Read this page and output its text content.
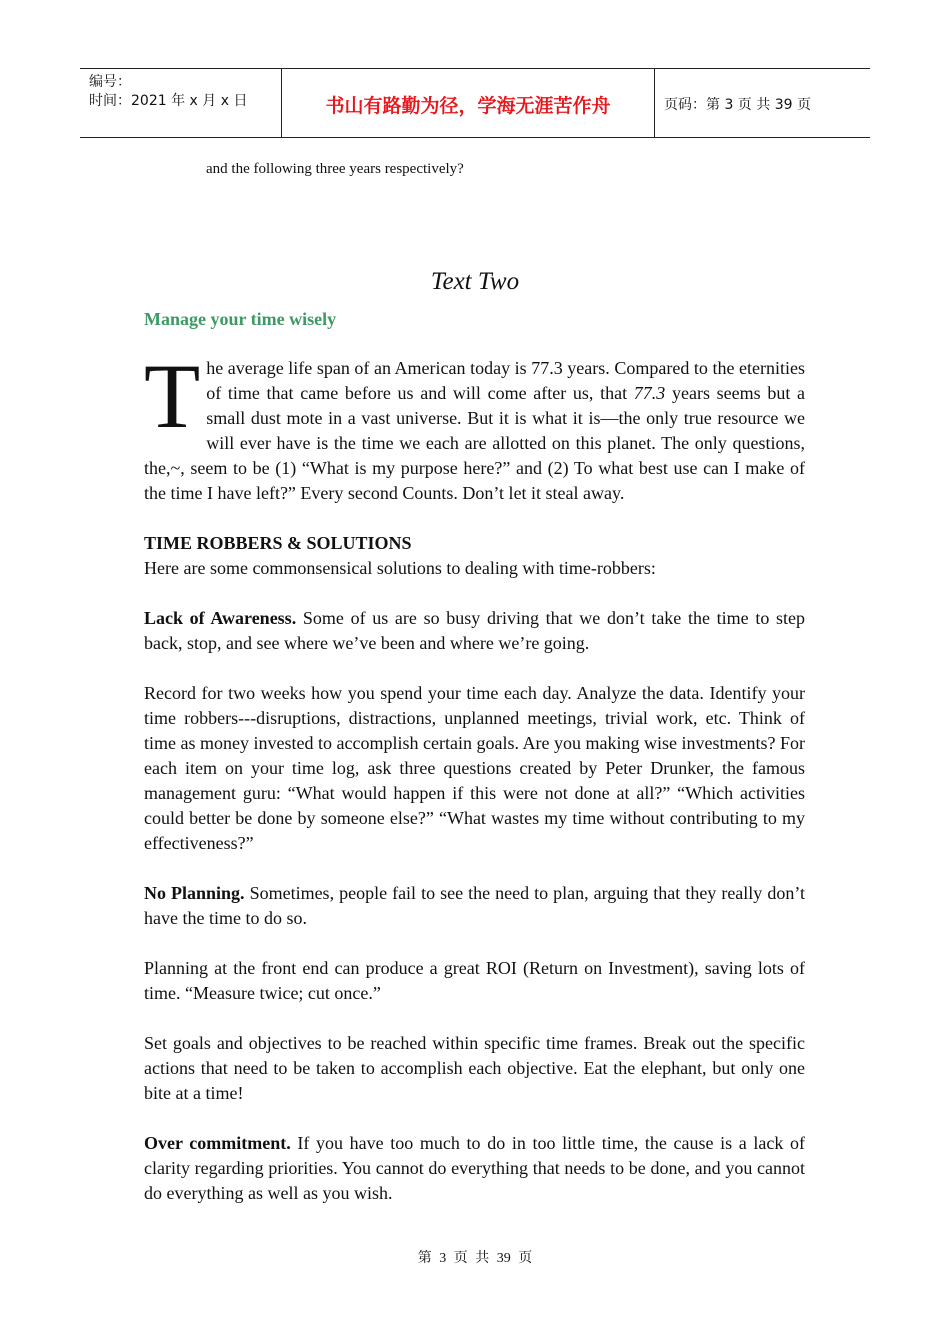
编号：
时间：2021 年 x 月 x 日	书山有路勤为径，学海无涯苦作舟	页码：第 3 页 共 39 页
and the following three years respectively?
Text Two
Manage your time wisely

The average life span of an American today is 77.3 years. Compared to the eternities of time that came before us and will come after us, that 77.3 years seems but a small dust mote in a vast universe. But it is what it is—the only true resource we will ever have is the time we each are allotted on this planet. The only questions, the,~, seem to be (1) “What is my purpose here?” and (2) To what best use can I make of the time I have left?” Every second Counts. Don’t let it steal away.

TIME ROBBERS & SOLUTIONS
Here are some commonsensical solutions to dealing with time-robbers:

Lack of Awareness. Some of us are so busy driving that we don’t take the time to step back, stop, and see where we’ve been and where we’re going.

Record for two weeks how you spend your time each day. Analyze the data. Identify your time robbers---disruptions, distractions, unplanned meetings, trivial work, etc. Think of time as money invested to accomplish certain goals. Are you making wise investments? For each item on your time log, ask three questions created by Peter Drunker, the famous management guru: “What would happen if this were not done at all?” “Which activities could better be done by someone else?” “What wastes my time without contributing to my effectiveness?”

No Planning. Sometimes, people fail to see the need to plan, arguing that they really don’t have the time to do so.

Planning at the front end can produce a great ROI (Return on Investment), saving lots of time. “Measure twice; cut once.”

Set goals and objectives to be reached within specific time frames. Break out the specific actions that need to be taken to accomplish each objective. Eat the elephant, but only one bite at a time!

Over commitment. If you have too much to do in too little time, the cause is a lack of clarity regarding priorities. You cannot do everything that needs to be done, and you cannot do everything as well as you wish.

第 3 页 共 39 页
